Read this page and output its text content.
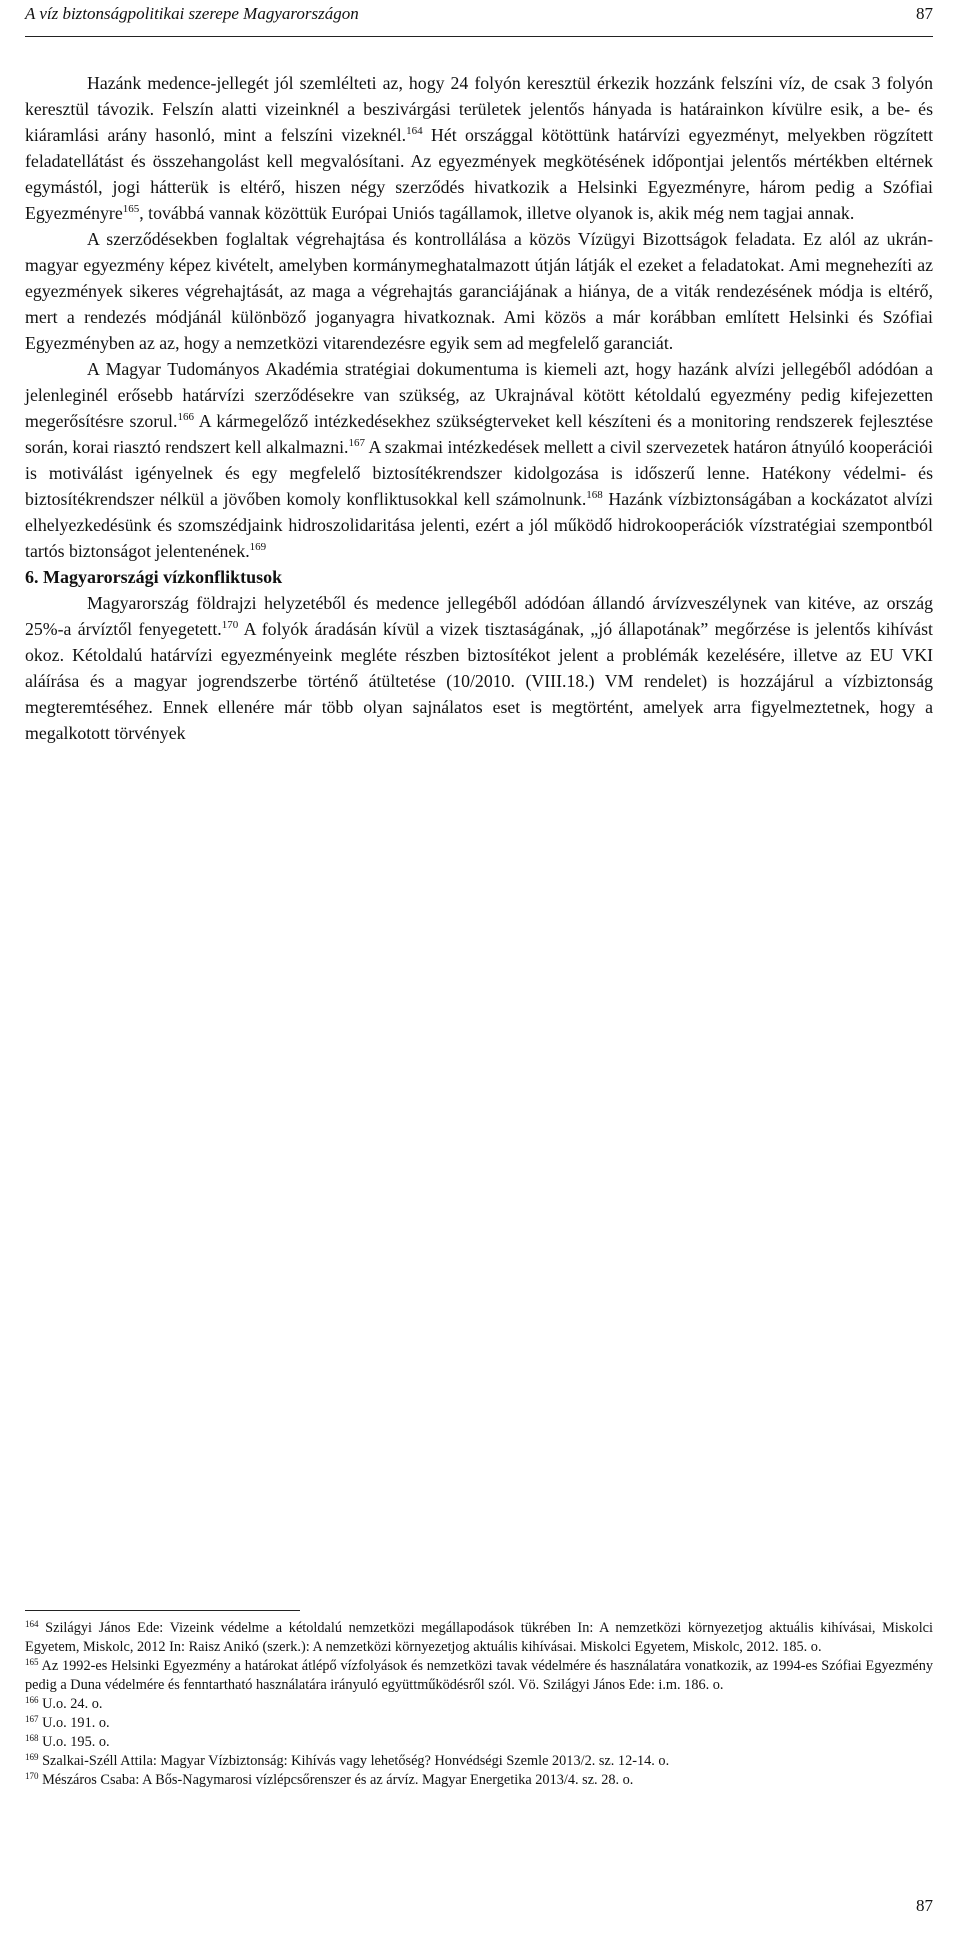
A víz biztonságpolitikai szerepe Magyarországon	87

Hazánk medence-jellegét jól szemlélteti az, hogy 24 folyón keresztül érkezik hozzánk felszíni víz, de csak 3 folyón keresztül távozik. Felszín alatti vizeinknél a beszivárgási területek jelentős hányada is határainkon kívülre esik, a be- és kiáramlási arány hasonló, mint a felszíni vizeknél.$^{164}$ Hét országgal kötöttünk határvízi egyezményt, melyekben rögzített feladatellátást és összehangolást kell megvalósítani. Az egyezmények megkötésének időpontjai jelentős mértékben eltérnek egymástól, jogi hátterük is eltérő, hiszen négy szerződés hivatkozik a Helsinki Egyezményre, három pedig a Szófiai Egyezményre$^{165}$, továbbá vannak közöttük Európai Uniós tagállamok, illetve olyanok is, akik még nem tagjai annak.

A szerződésekben foglaltak végrehajtása és kontrollálása a közös Vízügyi Bizottságok feladata. Ez alól az ukrán-magyar egyezmény képez kivételt, amelyben kormánymeghatalmazott útján látják el ezeket a feladatokat. Ami megnehezíti az egyezmények sikeres végrehajtását, az maga a végrehajtás garanciájának a hiánya, de a viták rendezésének módja is eltérő, mert a rendezés módjánál különböző joganyagra hivatkoznak. Ami közös a már korábban említett Helsinki és Szófiai Egyezményben az az, hogy a nemzetközi vitarendezésre egyik sem ad megfelelő garanciát.

A Magyar Tudományos Akadémia stratégiai dokumentuma is kiemeli azt, hogy hazánk alvízi jellegéből adódóan a jelenleginél erősebb határvízi szerződésekre van szükség, az Ukrajnával kötött kétoldalú egyezmény pedig kifejezetten megerősítésre szorul.$^{166}$ A kármegelőző intézkedésekhez szükségterveket kell készíteni és a monitoring rendszerek fejlesztése során, korai riasztó rendszert kell alkalmazni.$^{167}$ A szakmai intézkedések mellett a civil szervezetek határon átnyúló kooperációi is motiválást igényelnek és egy megfelelő biztosítékrendszer kidolgozása is időszerű lenne. Hatékony védelmi- és biztosítékrendszer nélkül a jövőben komoly konfliktusokkal kell számolnunk.$^{168}$ Hazánk vízbiztonságában a kockázatot alvízi elhelyezkedésünk és szomszédjaink hidroszolidaritása jelenti, ezért a jól működő hidrokooperációk vízstratégiai szempontból tartós biztonságot jelentenének.$^{169}$

6. Magyarországi vízkonfliktusok

Magyarország földrajzi helyzetéből és medence jellegéből adódóan állandó árvízveszélynek van kitéve, az ország 25%-a árvíztől fenyegetett.$^{170}$ A folyók áradásán kívül a vizek tisztaságának, „jó állapotának” megőrzése is jelentős kihívást okoz. Kétoldalú határvízi egyezményeink megléte részben biztosítékot jelent a problémák kezelésére, illetve az EU VKI aláírása és a magyar jogrendszerbe történő átültetése (10/2010. (VIII.18.) VM rendelet) is hozzájárul a vízbiztonság megteremtéséhez. Ennek ellenére már több olyan sajnálatos eset is megtörtént, amelyek arra figyelmeztetnek, hogy a megalkotott törvények

$^{164}$ Szilágyi János Ede: Vizeink védelme a kétoldalú nemzetközi megállapodások tükrében In: A nemzetközi környezetjog aktuális kihívásai, Miskolci Egyetem, Miskolc, 2012 In: Raisz Anikó (szerk.): A nemzetközi környezetjog aktuális kihívásai. Miskolci Egyetem, Miskolc, 2012. 185. o.

$^{165}$ Az 1992-es Helsinki Egyezmény a határokat átlépő vízfolyások és nemzetközi tavak védelmére és használatára vonatkozik, az 1994-es Szófiai Egyezmény pedig a Duna védelmére és fenntartható használatára irányuló együttműködésről szól. Vö. Szilágyi János Ede: i.m. 186. o.

$^{166}$ U.o. 24. o.

$^{167}$ U.o. 191. o.

$^{168}$ U.o. 195. o.

$^{169}$ Szalkai-Széll Attila: Magyar Vízbiztonság: Kihívás vagy lehetőség? Honvédségi Szemle 2013/2. sz. 12-14. o.

$^{170}$ Mészáros Csaba: A Bős-Nagymarosi vízlépcsőrenszer és az árvíz. Magyar Energetika 2013/4. sz. 28. o.

87
